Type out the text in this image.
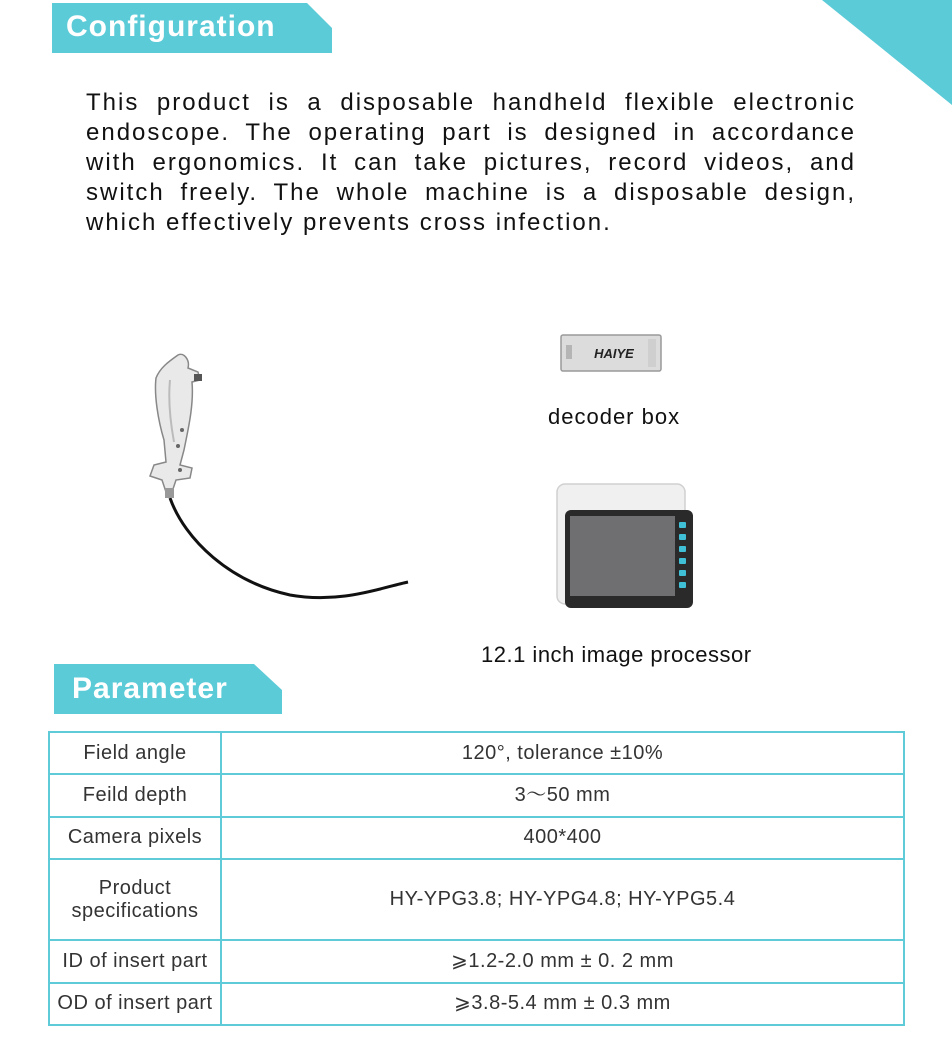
Configuration

This product is a disposable handheld flexible electronic endoscope. The operating part is designed in accordance with ergonomics. It can take pictures, record videos, and switch freely. The whole machine is a disposable design, which effectively prevents cross infection.

HAIYE
decoder box
12.1 inch image processor
Parameter
Field angle	120°, tolerance ±10%
Feild depth	3～50 mm
Camera pixels	400*400
Product specifications	HY-YPG3.8; HY-YPG4.8; HY-YPG5.4
ID of insert part	⩾1.2-2.0 mm ± 0. 2 mm
OD of insert part	⩾3.8-5.4 mm ± 0.3 mm
